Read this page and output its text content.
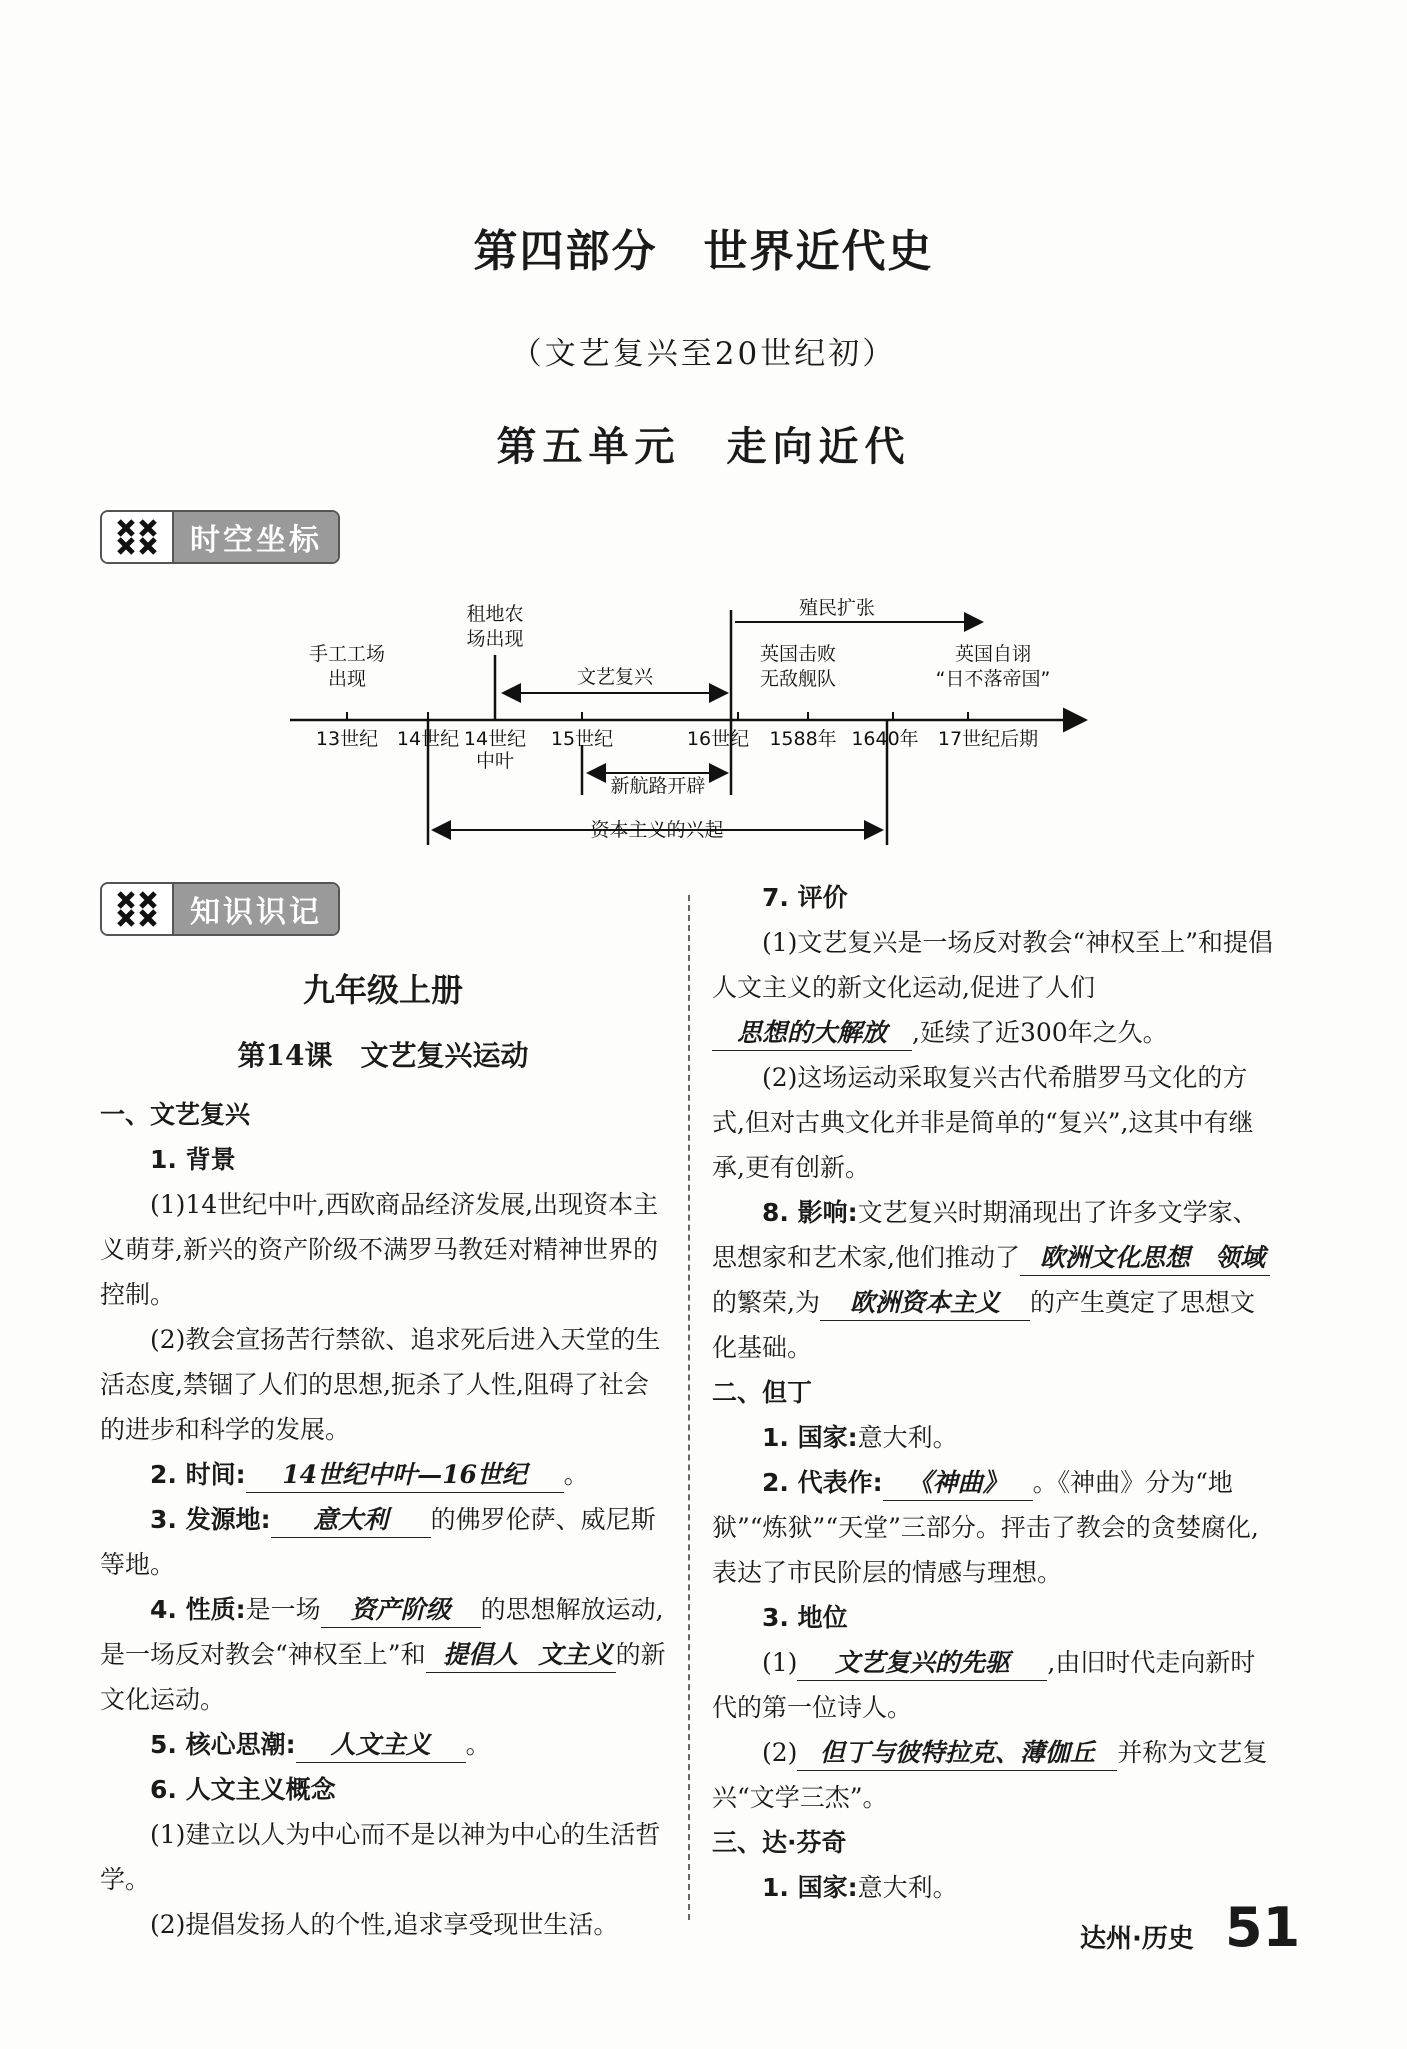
第四部分　世界近代史
（文艺复兴至20世纪初）
第五单元　走向近代
时空坐标
13世纪 14世纪 14世纪
中叶
15世纪	16世纪 1588年 1640年 17世纪后期
手工工场
出现
租地农
场出现
文艺复兴
殖民扩张
英国击败
无敌舰队
英国自诩
“日不落帝国”
新航路开辟
资本主义的兴起
知识识记
九年级上册
第14课　文艺复兴运动

一、文艺复兴

1. 背景

(1)14世纪中叶,西欧商品经济发展,出现资本主义萌芽,新兴的资产阶级不满罗马教廷对精神世界的控制。

(2)教会宣扬苦行禁欲、追求死后进入天堂的生活态度,禁锢了人们的思想,扼杀了人性,阻碍了社会的进步和科学的发展。

2. 时间: 14世纪中叶—16世纪 。

3. 发源地: 意大利 的佛罗伦萨、威尼斯等地。

4. 性质:是一场 资产阶级 的思想解放运动,是一场反对教会“神权至上”和 提倡人 文主义 的新文化运动。

5. 核心思潮: 人文主义 。

6. 人文主义概念

(1)建立以人为中心而不是以神为中心的生活哲学。

(2)提倡发扬人的个性,追求享受现世生活。

7. 评价

(1)文艺复兴是一场反对教会“神权至上”和提倡人文主义的新文化运动,促进了人们思想的大解放 ,延续了近300年之久。

(2)这场运动采取复兴古代希腊罗马文化的方式,但对古典文化并非是简单的“复兴”,这其中有继承,更有创新。

8. 影响:文艺复兴时期涌现出了许多文学家、思想家和艺术家,他们推动了 欧洲文化思想 领域的繁荣,为 欧洲资本主义 的产生奠定了思想文化基础。

二、但丁

1. 国家:意大利。

2. 代表作: 《神曲》 。《神曲》分为“地狱”“炼狱”“天堂”三部分。抨击了教会的贪婪腐化,表达了市民阶层的情感与理想。

3. 地位

(1) 文艺复兴的先驱 ,由旧时代走向新时代的第一位诗人。

(2) 但丁与彼特拉克、薄伽丘 并称为文艺复兴“文学三杰”。

三、达·芬奇

1. 国家:意大利。

达州·历史 51
